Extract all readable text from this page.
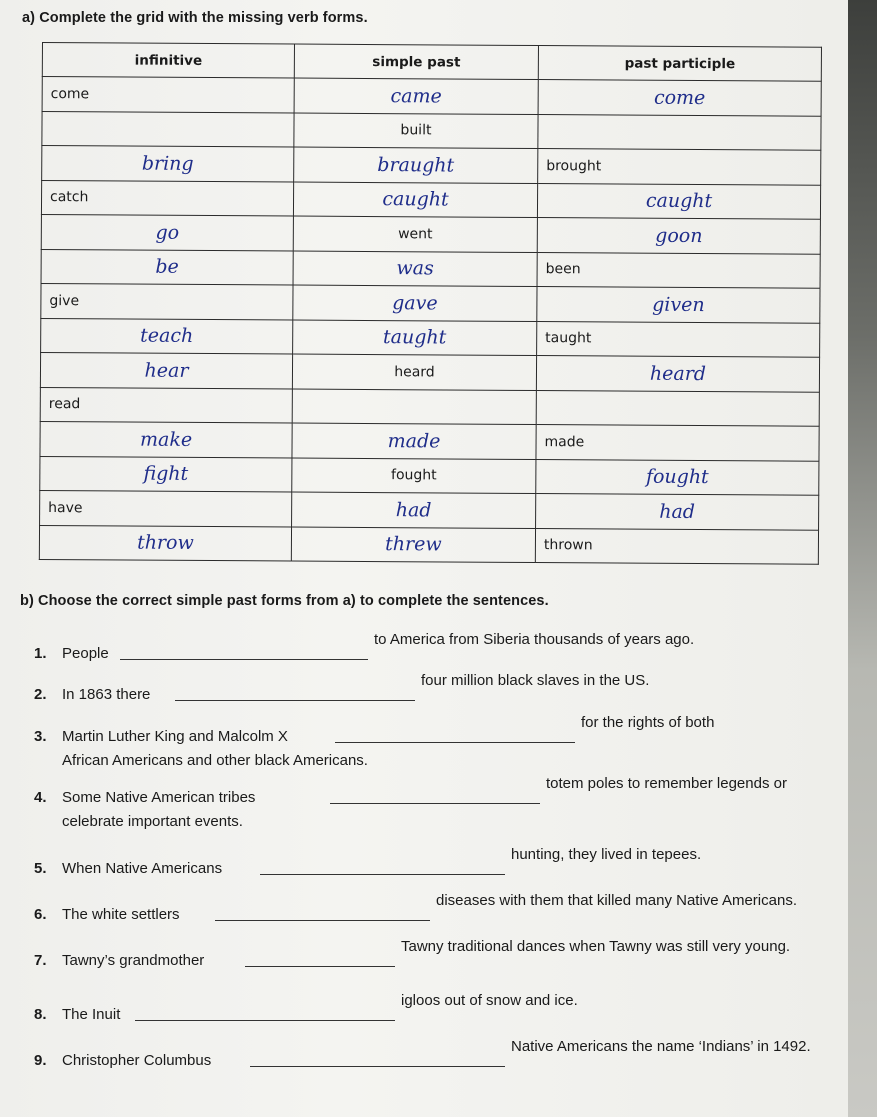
a) Complete the grid with the missing verb forms.
infinitive	simple past	past participle
come	came	come
	built	
bring	braught	brought
catch	caught	caught
go	went	goon
be	was	been
give	gave	given
teach	taught	taught
hear	heard	heard
read		
make	made	made
fight	fought	fought
have	had	had
throw	threw	thrown
b) Choose the correct simple past forms from a) to complete the sentences.
1. People
to America from Siberia thousands of years ago.
2. In 1863 there
four million black slaves in the US.
3. Martin Luther King and Malcolm X
for the rights of both
African Americans and other black Americans.
4. Some Native American tribes
totem poles to remember legends or
celebrate important events.
5. When Native Americans
hunting, they lived in tepees.
6. The white settlers
diseases with them that killed many Native Americans.
7. Tawny’s grandmother
Tawny traditional dances when Tawny was still very young.
8. The Inuit
igloos out of snow and ice.
9. Christopher Columbus
Native Americans the name ‘Indians’ in 1492.
